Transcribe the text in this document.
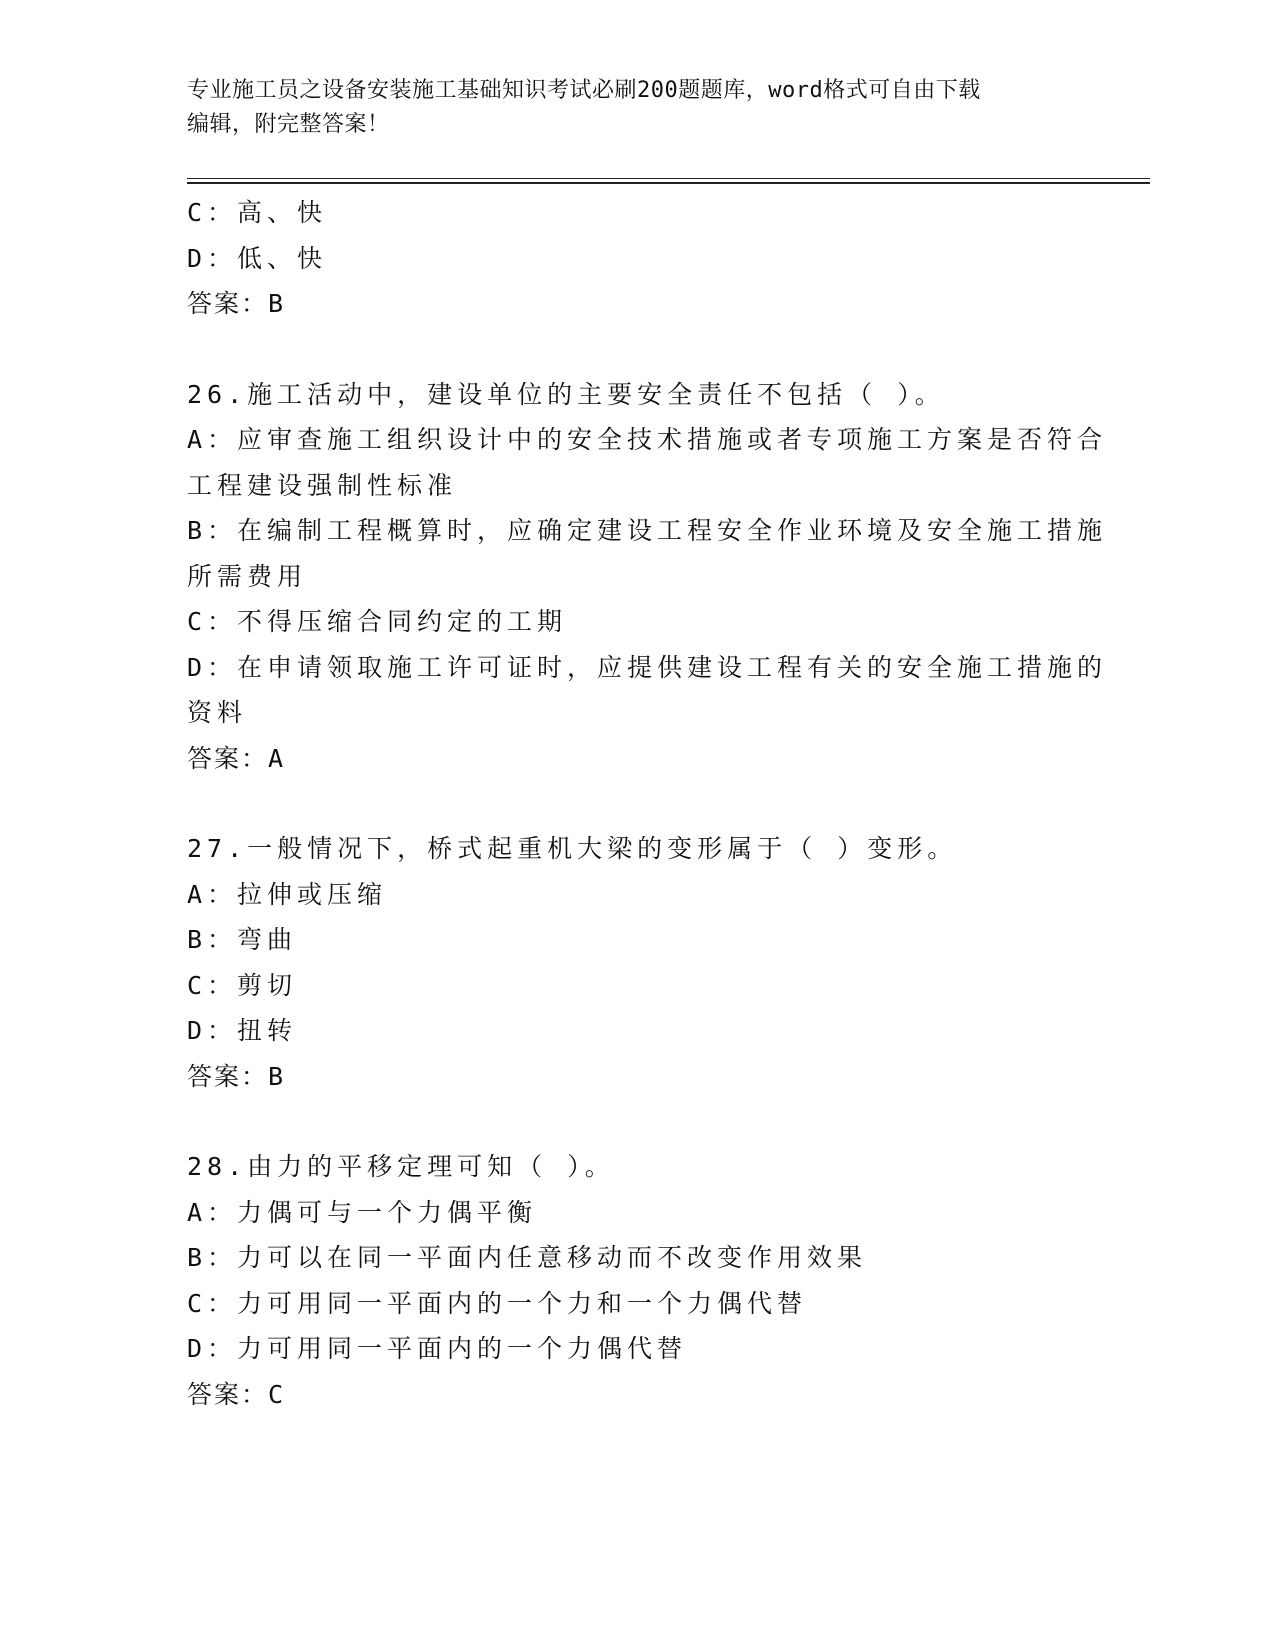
专业施工员之设备安装施工基础知识考试必刷200题题库，word格式可自由下载
编辑，附完整答案！
C：高、快
D：低、快
答案：B
26.施工活动中，建设单位的主要安全责任不包括（ ）。
A：应审查施工组织设计中的安全技术措施或者专项施工方案是否符合
工程建设强制性标准
B：在编制工程概算时，应确定建设工程安全作业环境及安全施工措施
所需费用
C：不得压缩合同约定的工期
D：在申请领取施工许可证时，应提供建设工程有关的安全施工措施的
资料
答案：A
27.一般情况下，桥式起重机大梁的变形属于（ ）变形。
A：拉伸或压缩
B：弯曲
C：剪切
D：扭转
答案：B
28.由力的平移定理可知（ ）。
A：力偶可与一个力偶平衡
B：力可以在同一平面内任意移动而不改变作用效果
C：力可用同一平面内的一个力和一个力偶代替
D：力可用同一平面内的一个力偶代替
答案：C
